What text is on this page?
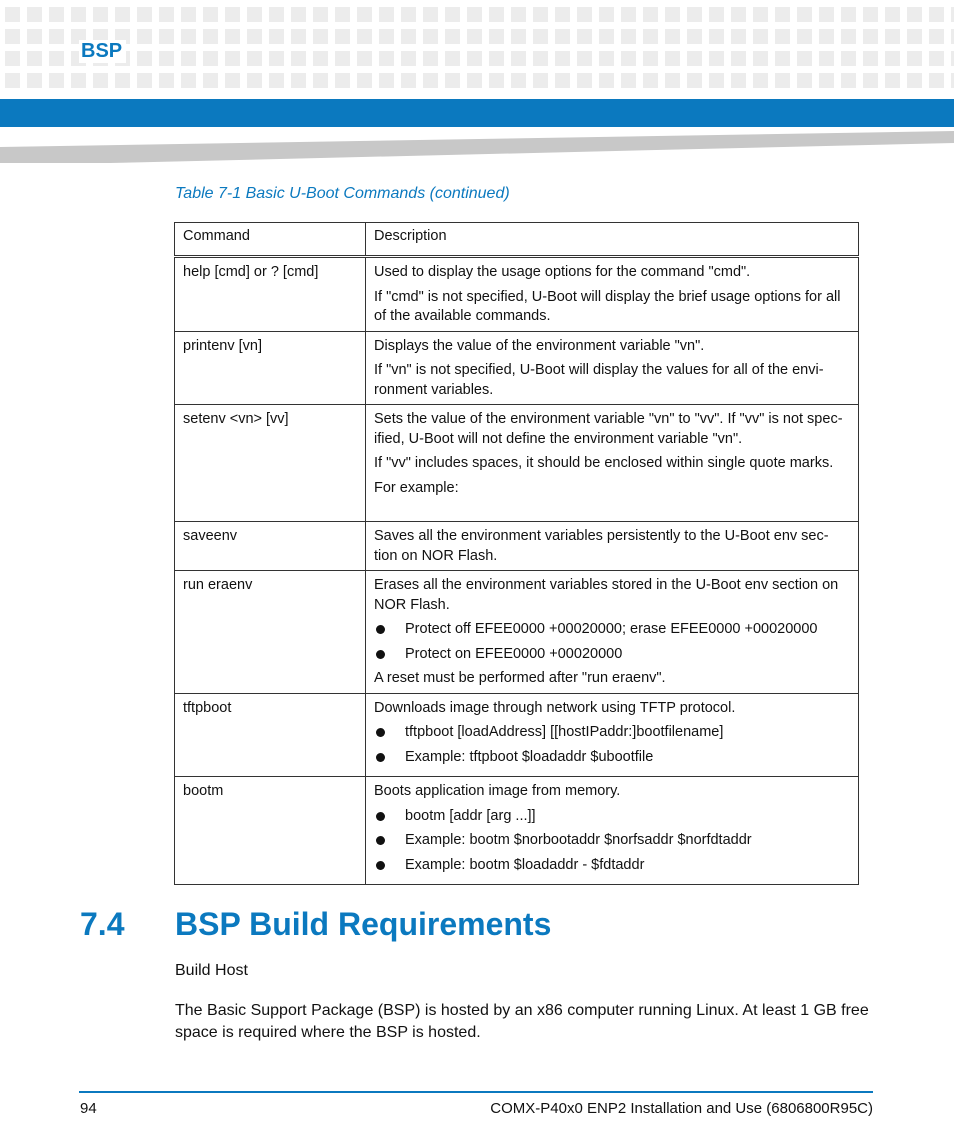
BSP
Table 7-1 Basic U-Boot Commands (continued)
Command	Description
help [cmd] or ? [cmd]	Used to display the usage options for the command "cmd".
If "cmd" is not specified, U-Boot will display the brief usage options for all of the available commands.

printenv [vn]	Displays the value of the environment variable "vn".
If "vn" is not specified, U-Boot will display the values for all of the envi-ronment variables.

setenv <vn> [vv]	Sets the value of the environment variable "vn" to "vv". If "vv" is not spec-ified, U-Boot will not define the environment variable "vn".
If "vv" includes spaces, it should be enclosed within single quote marks.
For example:

saveenv	Saves all the environment variables persistently to the U-Boot env sec-tion on NOR Flash.

run eraenv	Erases all the environment variables stored in the U-Boot env section on NOR Flash.
Protect off EFEE0000 +00020000; erase EFEE0000 +00020000
Protect on EFEE0000 +00020000
A reset must be performed after "run eraenv".

tftpboot	Downloads image through network using TFTP protocol.
tftpboot [loadAddress] [[hostIPaddr:]bootfilename]
Example: tftpboot $loadaddr $ubootfile

bootm	Boots application image from memory.
bootm [addr [arg ...]]
Example: bootm $norbootaddr $norfsaddr $norfdtaddr
Example: bootm $loadaddr - $fdtaddr
7.4 BSP Build Requirements
Build Host
The Basic Support Package (BSP) is hosted by an x86 computer running Linux. At least 1 GB free space is required where the BSP is hosted.
94	COMX-P40x0 ENP2 Installation and Use (6806800R95C)
